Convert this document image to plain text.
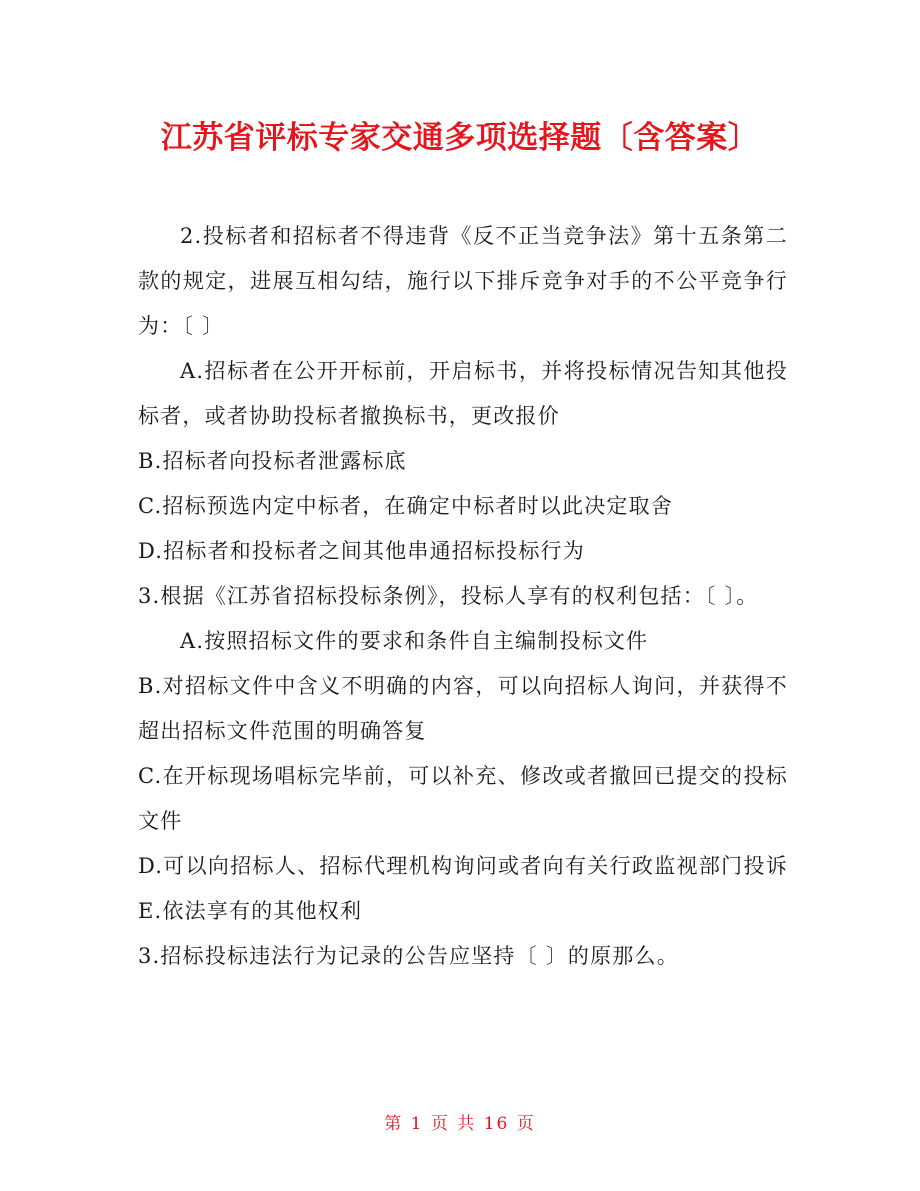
江苏省评标专家交通多项选择题〔含答案〕

2.投标者和招标者不得违背《反不正当竞争法》第十五条第二款的规定，进展互相勾结，施行以下排斥竞争对手的不公平竞争行为：〔 〕

A.招标者在公开开标前，开启标书，并将投标情况告知其他投标者，或者协助投标者撤换标书，更改报价

B.招标者向投标者泄露标底

C.招标预选内定中标者，在确定中标者时以此决定取舍

D.招标者和投标者之间其他串通招标投标行为

3.根据《江苏省招标投标条例》，投标人享有的权利包括：〔 〕。

A.按照招标文件的要求和条件自主编制投标文件

B.对招标文件中含义不明确的内容，可以向招标人询问，并获得不超出招标文件范围的明确答复

C.在开标现场唱标完毕前，可以补充、修改或者撤回已提交的投标文件

D.可以向招标人、招标代理机构询问或者向有关行政监视部门投诉 E.依法享有的其他权利

3.招标投标违法行为记录的公告应坚持〔 〕的原那么。

第 1 页 共 16 页
